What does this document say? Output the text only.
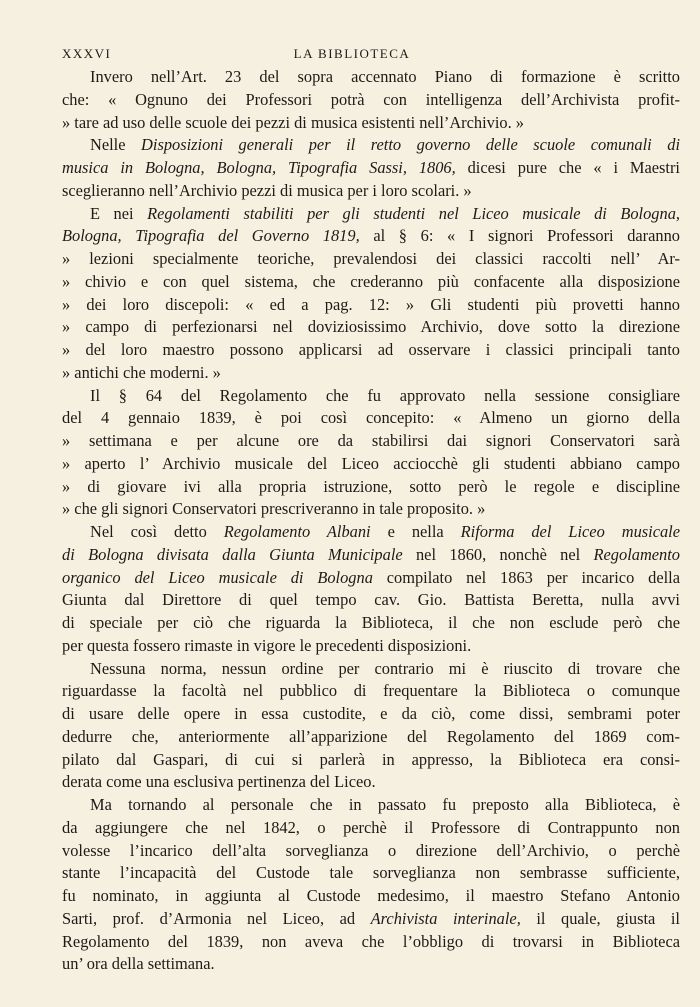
XXXVI	LA BIBLIOTECA
Invero nell’Art. 23 del sopra accennato Piano di formazione è scritto
che: « Ognuno dei Professori potrà con intelligenza dell’Archivista profit-
» tare ad uso delle scuole dei pezzi di musica esistenti nell’Archivio. »
Nelle Disposizioni generali per il retto governo delle scuole comunali di
musica in Bologna, Bologna, Tipografia Sassi, 1806, dicesi pure che « i Maestri
sceglieranno nell’Archivio pezzi di musica per i loro scolari. »
E nei Regolamenti stabiliti per gli studenti nel Liceo musicale di Bologna,
Bologna, Tipografia del Governo 1819, al § 6: « I signori Professori daranno
» lezioni specialmente teoriche, prevalendosi dei classici raccolti nell’ Ar-
» chivio e con quel sistema, che crederanno più confacente alla disposizione
» dei loro discepoli: « ed a pag. 12: » Gli studenti più provetti hanno
» campo di perfezionarsi nel doviziosissimo Archivio, dove sotto la direzione
» del loro maestro possono applicarsi ad osservare i classici principali tanto
» antichi che moderni. »
Il § 64 del Regolamento che fu approvato nella sessione consigliare
del 4 gennaio 1839, è poi così concepito: « Almeno un giorno della
» settimana e per alcune ore da stabilirsi dai signori Conservatori sarà
» aperto l’ Archivio musicale del Liceo acciocchè gli studenti abbiano campo
» di giovare ivi alla propria istruzione, sotto però le regole e discipline
» che gli signori Conservatori prescriveranno in tale proposito. »
Nel così detto Regolamento Albani e nella Riforma del Liceo musicale
di Bologna divisata dalla Giunta Municipale nel 1860, nonchè nel Regolamento
organico del Liceo musicale di Bologna compilato nel 1863 per incarico della
Giunta dal Direttore di quel tempo cav. Gio. Battista Beretta, nulla avvi
di speciale per ciò che riguarda la Biblioteca, il che non esclude però che
per questa fossero rimaste in vigore le precedenti disposizioni.
Nessuna norma, nessun ordine per contrario mi è riuscito di trovare che
riguardasse la facoltà nel pubblico di frequentare la Biblioteca o comunque
di usare delle opere in essa custodite, e da ciò, come dissi, sembrami poter
dedurre che, anteriormente all’apparizione del Regolamento del 1869 com-
pilato dal Gaspari, di cui si parlerà in appresso, la Biblioteca era consi-
derata come una esclusiva pertinenza del Liceo.
Ma tornando al personale che in passato fu preposto alla Biblioteca, è
da aggiungere che nel 1842, o perchè il Professore di Contrappunto non
volesse l’incarico dell’alta sorveglianza o direzione dell’Archivio, o perchè
stante l’incapacità del Custode tale sorveglianza non sembrasse sufficiente,
fu nominato, in aggiunta al Custode medesimo, il maestro Stefano Antonio
Sarti, prof. d’Armonia nel Liceo, ad Archivista interinale, il quale, giusta il
Regolamento del 1839, non aveva che l’obbligo di trovarsi in Biblioteca
un’ ora della settimana.
